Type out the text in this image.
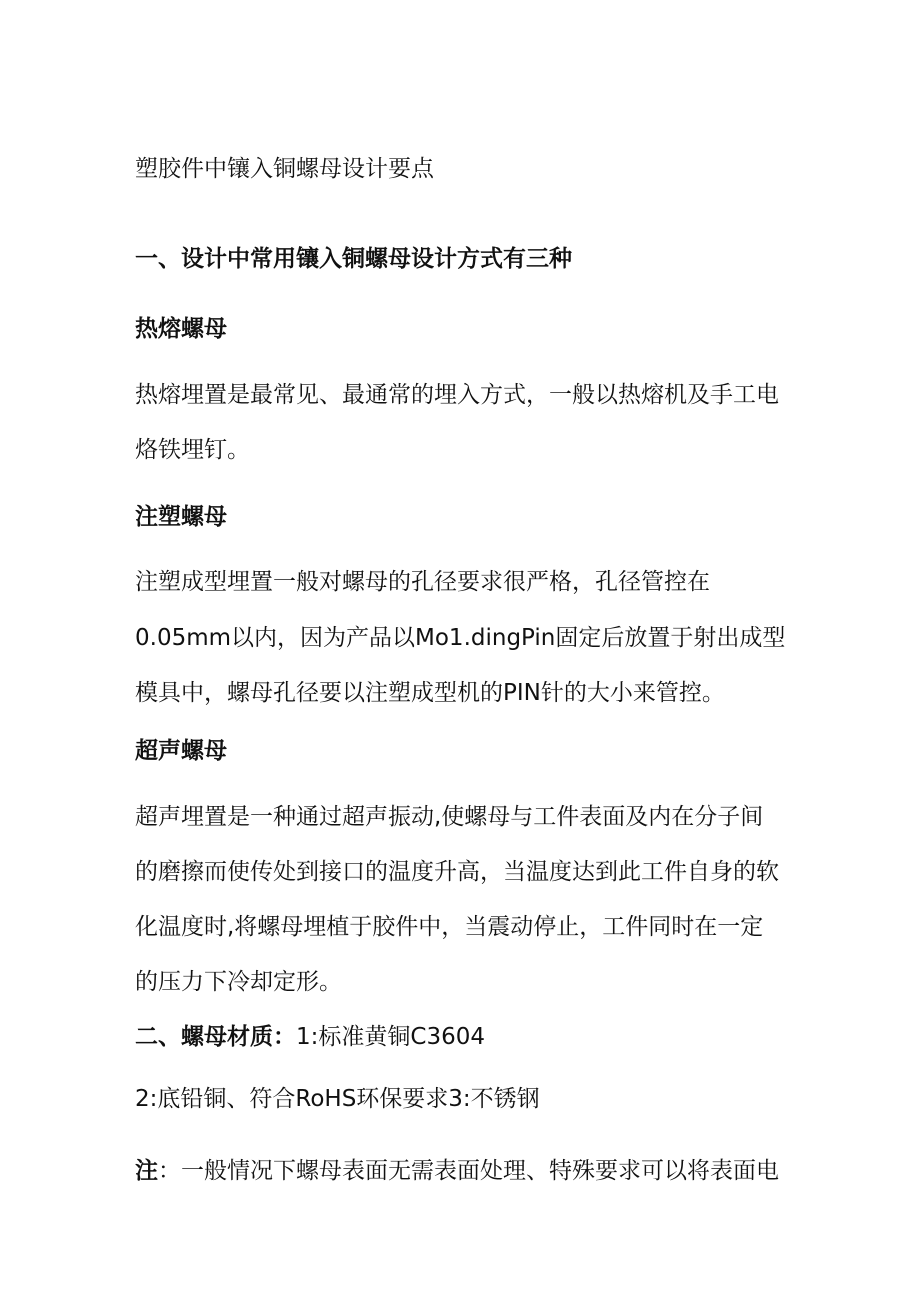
塑胶件中镶入铜螺母设计要点
一、设计中常用镶入铜螺母设计方式有三种
热熔螺母
热熔埋置是最常见、最通常的埋入方式，一般以热熔机及手工电
烙铁埋钉。
注塑螺母
注塑成型埋置一般对螺母的孔径要求很严格，孔径管控在
0.05mm以内，因为产品以Mo1.dingPin固定后放置于射出成型
模具中，螺母孔径要以注塑成型机的PIN针的大小来管控。
超声螺母
超声埋置是一种通过超声振动,使螺母与工件表面及内在分子间
的磨擦而使传处到接口的温度升高，当温度达到此工件自身的软
化温度时,将螺母埋植于胶件中，当震动停止，工件同时在一定
的压力下冷却定形。
二、螺母材质：1:标准黄铜C3604
2:底铅铜、符合RoHS环保要求3:不锈钢
注：一般情况下螺母表面无需表面处理、特殊要求可以将表面电
